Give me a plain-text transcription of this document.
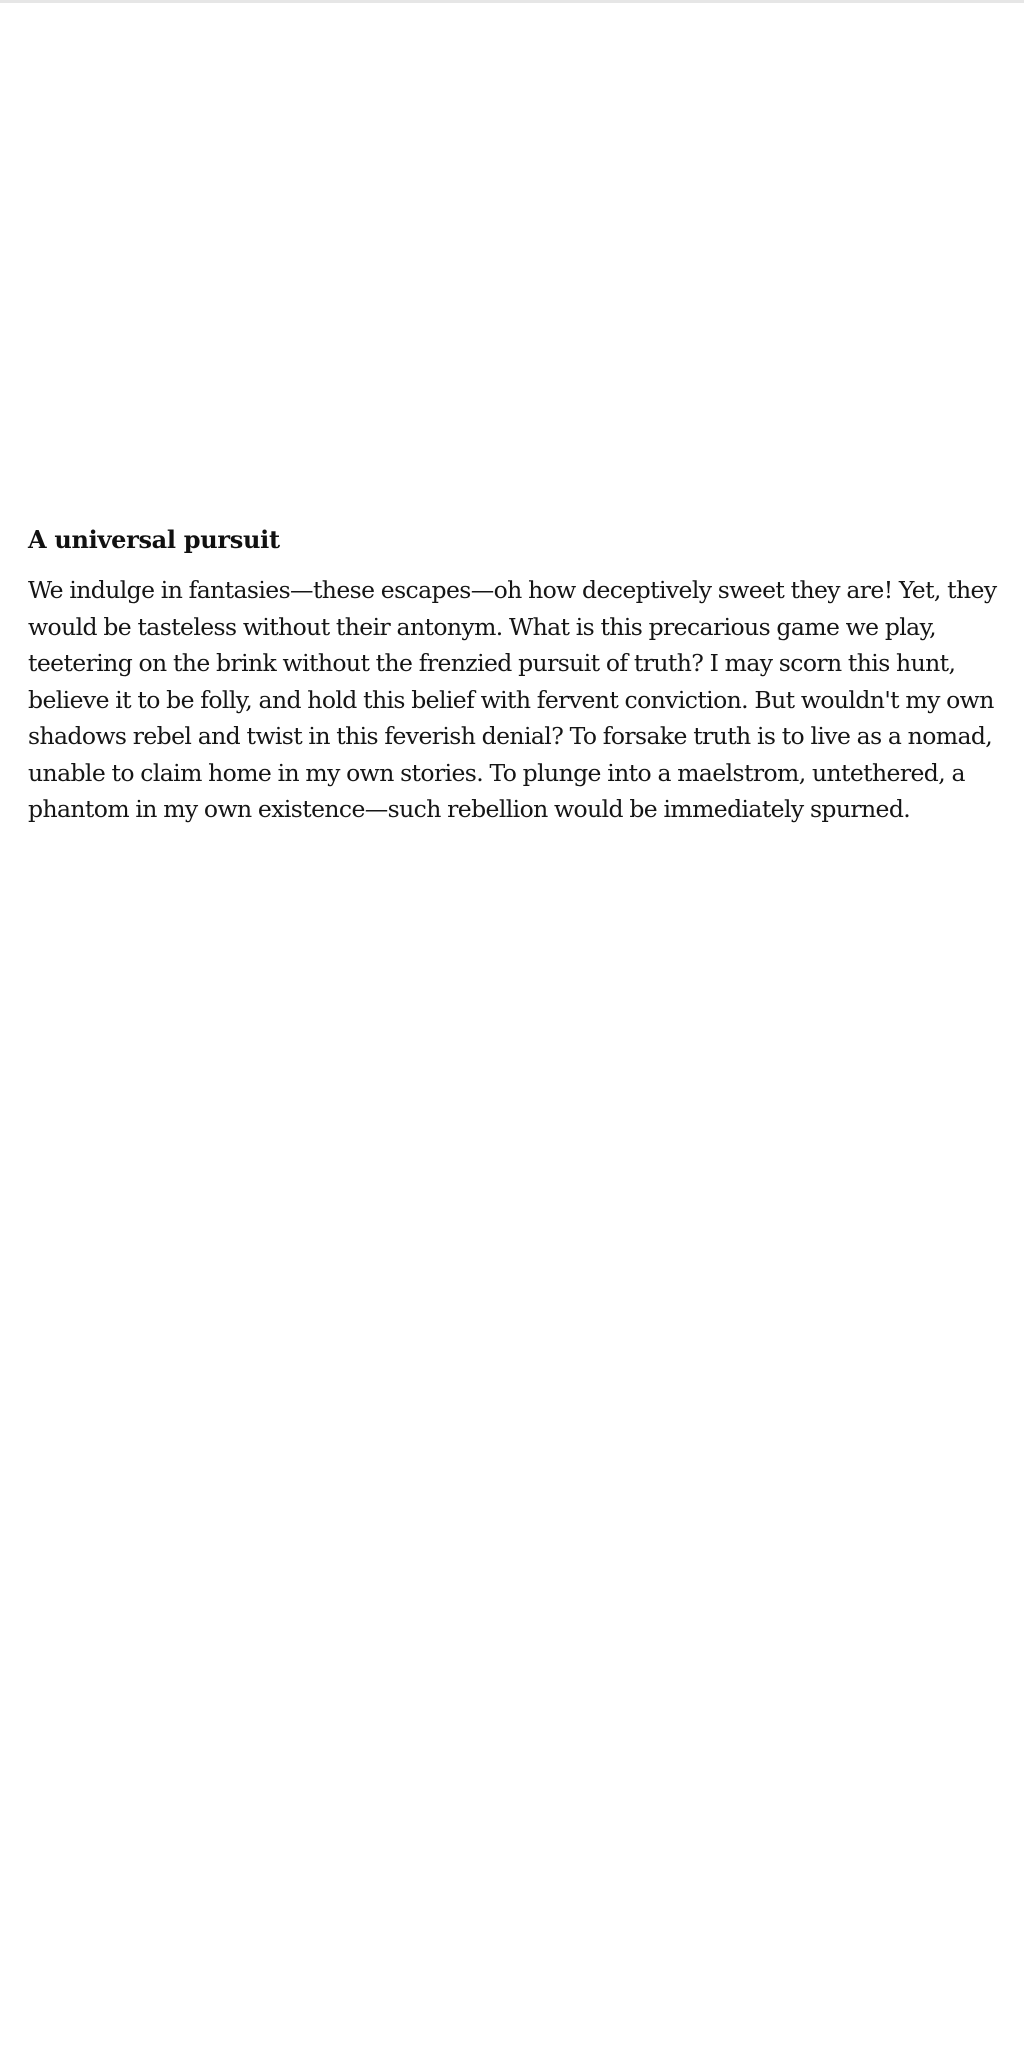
A universal pursuit

We indulge in fantasies—these escapes—oh how deceptively sweet they are! Yet, they would be tasteless without their antonym. What is this precarious game we play, teetering on the brink without the frenzied pursuit of truth? I may scorn this hunt, believe it to be folly, and hold this belief with fervent conviction. But wouldn't my own shadows rebel and twist in this feverish denial? To forsake truth is to live as a nomad, unable to claim home in my own stories. To plunge into a maelstrom, untethered, a phantom in my own existence—such rebellion would be immediately spurned.
